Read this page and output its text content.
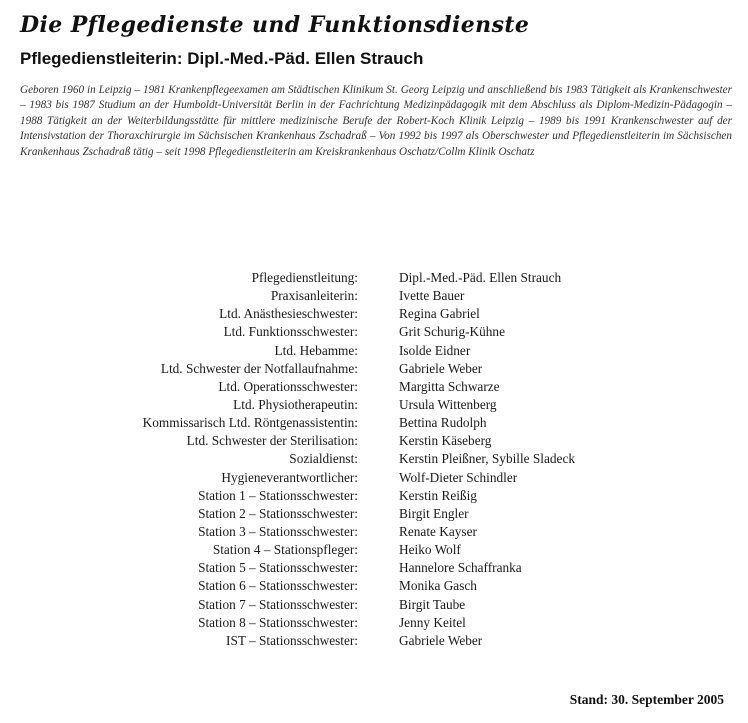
Die Pflegedienste und Funktionsdienste
Pflegedienstleiterin: Dipl.-Med.-Päd. Ellen Strauch
Geboren 1960 in Leipzig – 1981 Krankenpflegeexamen am Städtischen Klinikum St. Georg Leipzig und anschließend bis 1983 Tätigkeit als Krankenschwester – 1983 bis 1987 Studium an der Humboldt-Universität Berlin in der Fachrichtung Medizinpädagogik mit dem Abschluss als Diplom-Medizin-Pädagogin – 1988 Tätigkeit an der Weiterbildungsstätte für mittlere medizinische Berufe der Robert-Koch Klinik Leipzig – 1989 bis 1991 Krankenschwester auf der Intensivstation der Thoraxchirurgie im Sächsischen Krankenhaus Zschadraß – Von 1992 bis 1997 als Oberschwester und Pflegedienstleiterin im Sächsischen Krankenhaus Zschadraß tätig – seit 1998 Pflegedienstleiterin am Kreiskrankenhaus Oschatz/Collm Klinik Oschatz
Pflegedienstleitung:		Dipl.-Med.-Päd. Ellen Strauch
Praxisanleiterin:		Ivette Bauer
Ltd. Anästhesieschwester:		Regina Gabriel
Ltd. Funktionsschwester:		Grit Schurig-Kühne
Ltd. Hebamme:		Isolde Eidner
Ltd. Schwester der Notfallaufnahme:		Gabriele Weber
Ltd. Operationsschwester:		Margitta Schwarze
Ltd. Physiotherapeutin:		Ursula Wittenberg
Kommissarisch Ltd. Röntgenassistentin:		Bettina Rudolph
Ltd. Schwester der Sterilisation:		Kerstin Käseberg
Sozialdienst:		Kerstin Pleißner, Sybille Sladeck
Hygieneverantwortlicher:		Wolf-Dieter Schindler
Station 1 – Stationsschwester:		Kerstin Reißig
Station 2 – Stationsschwester:		Birgit Engler
Station 3 – Stationsschwester:		Renate Kayser
Station 4 – Stationspfleger:		Heiko Wolf
Station 5 – Stationsschwester:		Hannelore Schaffranka
Station 6 – Stationsschwester:		Monika Gasch
Station 7 – Stationsschwester:		Birgit Taube
Station 8 – Stationsschwester:		Jenny Keitel
IST – Stationsschwester:		Gabriele Weber
Stand: 30. September 2005
